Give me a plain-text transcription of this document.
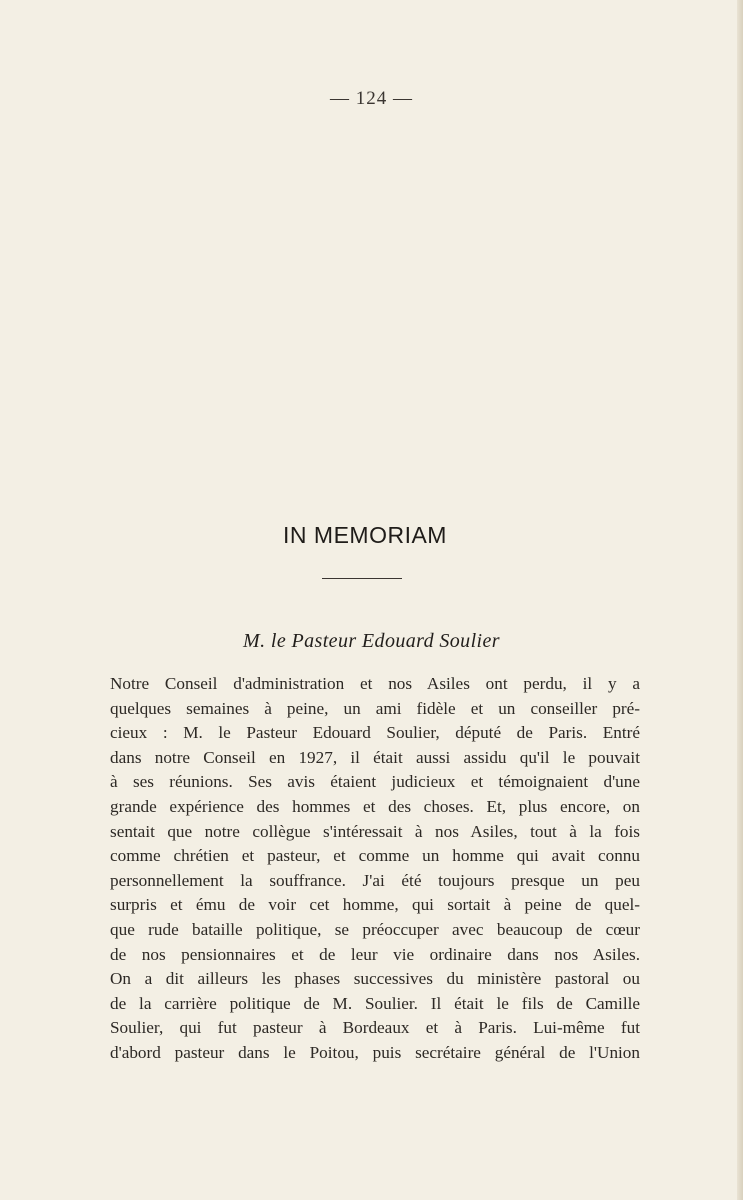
— 124 —
IN MEMORIAM
M. le Pasteur Edouard Soulier
Notre Conseil d'administration et nos Asiles ont perdu, il y a
quelques semaines à peine, un ami fidèle et un conseiller pré-
cieux : M. le Pasteur Edouard Soulier, député de Paris. Entré
dans notre Conseil en 1927, il était aussi assidu qu'il le pouvait
à ses réunions. Ses avis étaient judicieux et témoignaient d'une
grande expérience des hommes et des choses. Et, plus encore, on
sentait que notre collègue s'intéressait à nos Asiles, tout à la fois
comme chrétien et pasteur, et comme un homme qui avait connu
personnellement la souffrance. J'ai été toujours presque un peu
surpris et ému de voir cet homme, qui sortait à peine de quel-
que rude bataille politique, se préoccuper avec beaucoup de cœur
de nos pensionnaires et de leur vie ordinaire dans nos Asiles.
On a dit ailleurs les phases successives du ministère pastoral ou
de la carrière politique de M. Soulier. Il était le fils de Camille
Soulier, qui fut pasteur à Bordeaux et à Paris. Lui-même fut
d'abord pasteur dans le Poitou, puis secrétaire général de l'Union
